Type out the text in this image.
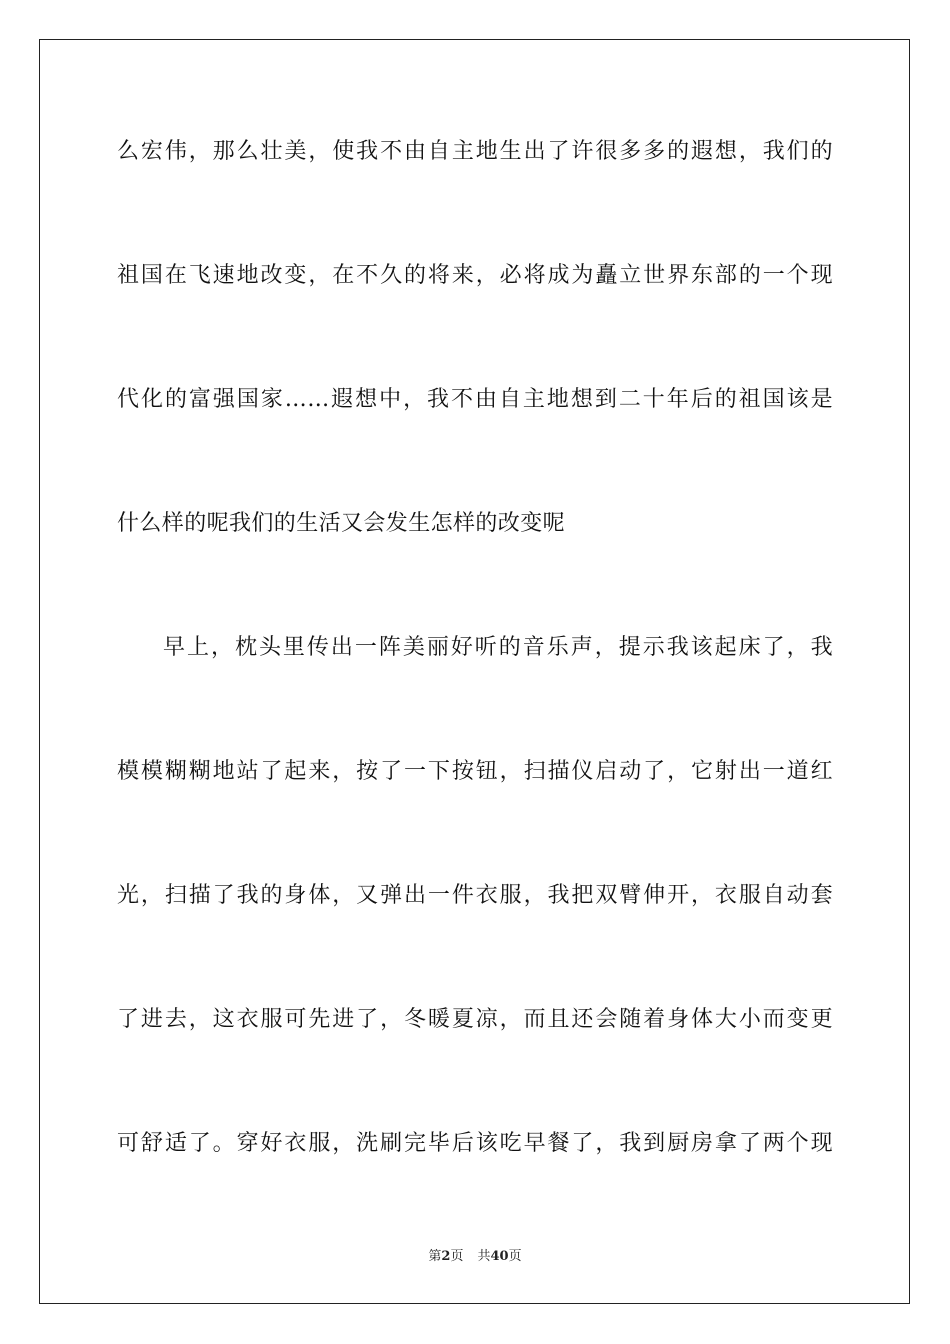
么宏伟，那么壮美，使我不由自主地生出了许很多多的遐想，我们的
祖国在飞速地改变，在不久的将来，必将成为矗立世界东部的一个现
代化的富强国家……遐想中，我不由自主地想到二十年后的祖国该是
什么样的呢我们的生活又会发生怎样的改变呢
早上，枕头里传出一阵美丽好听的音乐声，提示我该起床了，我
模模糊糊地站了起来，按了一下按钮，扫描仪启动了，它射出一道红
光，扫描了我的身体，又弹出一件衣服，我把双臂伸开，衣服自动套
了进去，这衣服可先进了，冬暖夏凉，而且还会随着身体大小而变更
可舒适了。穿好衣服，洗刷完毕后该吃早餐了，我到厨房拿了两个现
第2页 共40页
